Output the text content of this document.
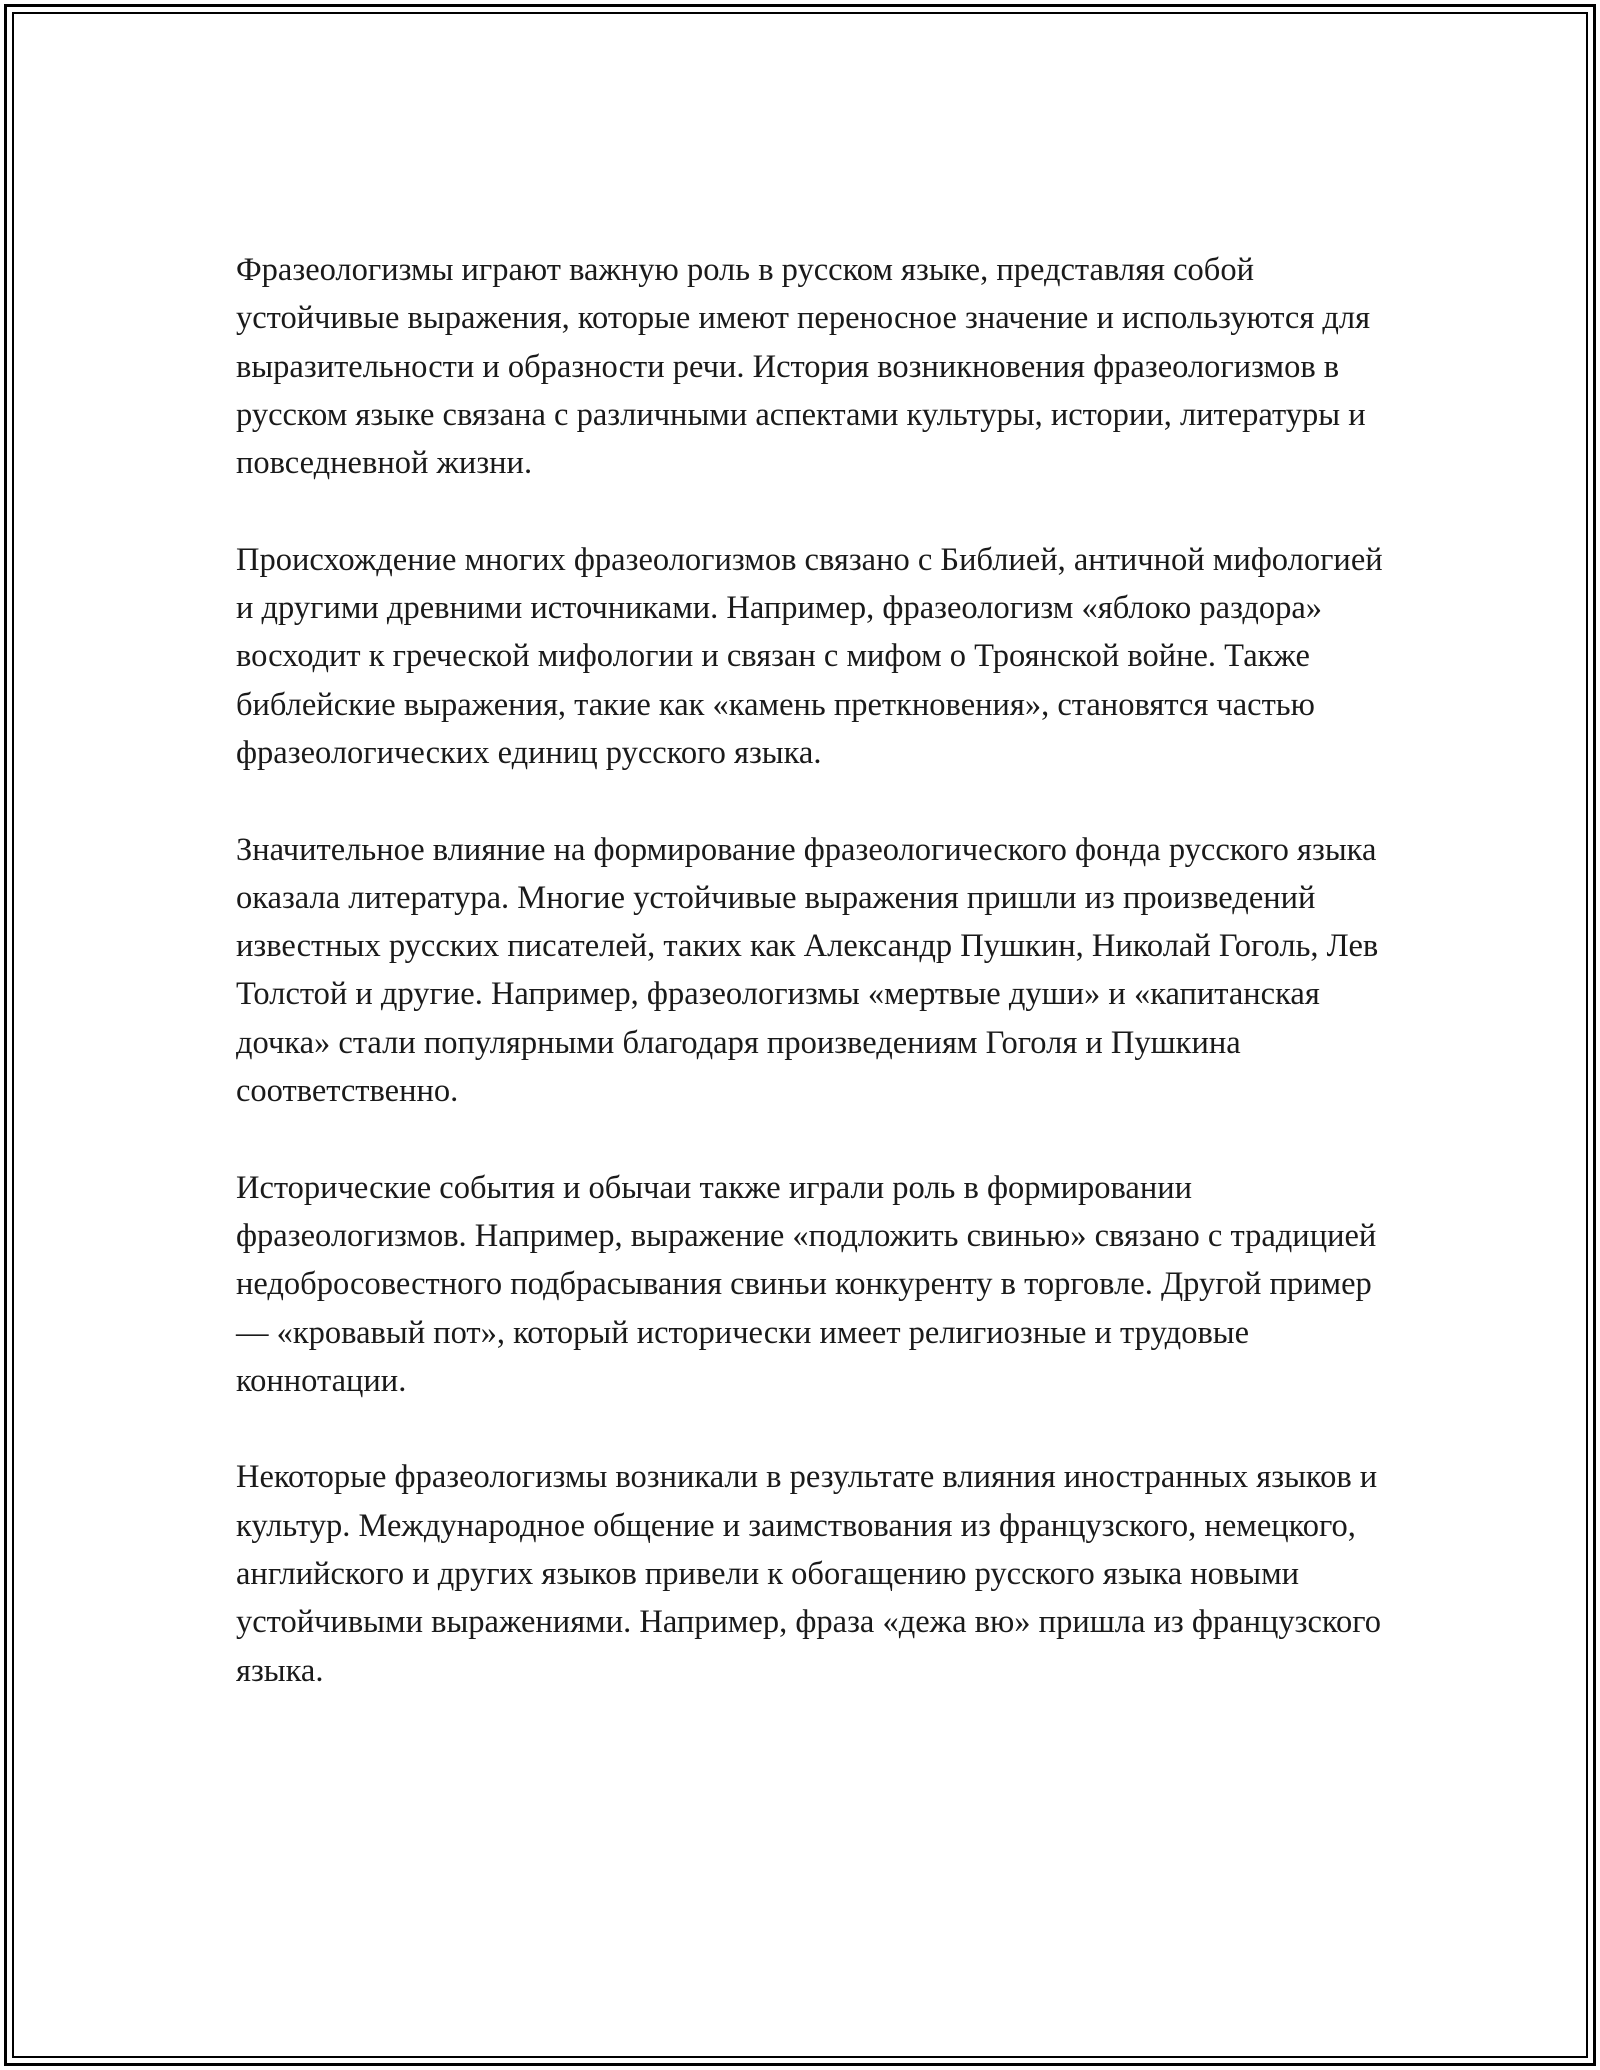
Фразеологизмы играют важную роль в русском языке, представляя собой устойчивые выражения, которые имеют переносное значение и используются для выразительности и образности речи. История возникновения фразеологизмов в русском языке связана с различными аспектами культуры, истории, литературы и повседневной жизни.

Происхождение многих фразеологизмов связано с Библией, античной мифологией и другими древними источниками. Например, фразеологизм «яблоко раздора» восходит к греческой мифологии и связан с мифом о Троянской войне. Также библейские выражения, такие как «камень преткновения», становятся частью фразеологических единиц русского языка.

Значительное влияние на формирование фразеологического фонда русского языка оказала литература. Многие устойчивые выражения пришли из произведений известных русских писателей, таких как Александр Пушкин, Николай Гоголь, Лев Толстой и другие. Например, фразеологизмы «мертвые души» и «капитанская дочка» стали популярными благодаря произведениям Гоголя и Пушкина соответственно.

Исторические события и обычаи также играли роль в формировании фразеологизмов. Например, выражение «подложить свинью» связано с традицией недобросовестного подбрасывания свиньи конкуренту в торговле. Другой пример — «кровавый пот», который исторически имеет религиозные и трудовые коннотации.

Некоторые фразеологизмы возникали в результате влияния иностранных языков и культур. Международное общение и заимствования из французского, немецкого, английского и других языков привели к обогащению русского языка новыми устойчивыми выражениями. Например, фраза «дежа вю» пришла из французского языка.
